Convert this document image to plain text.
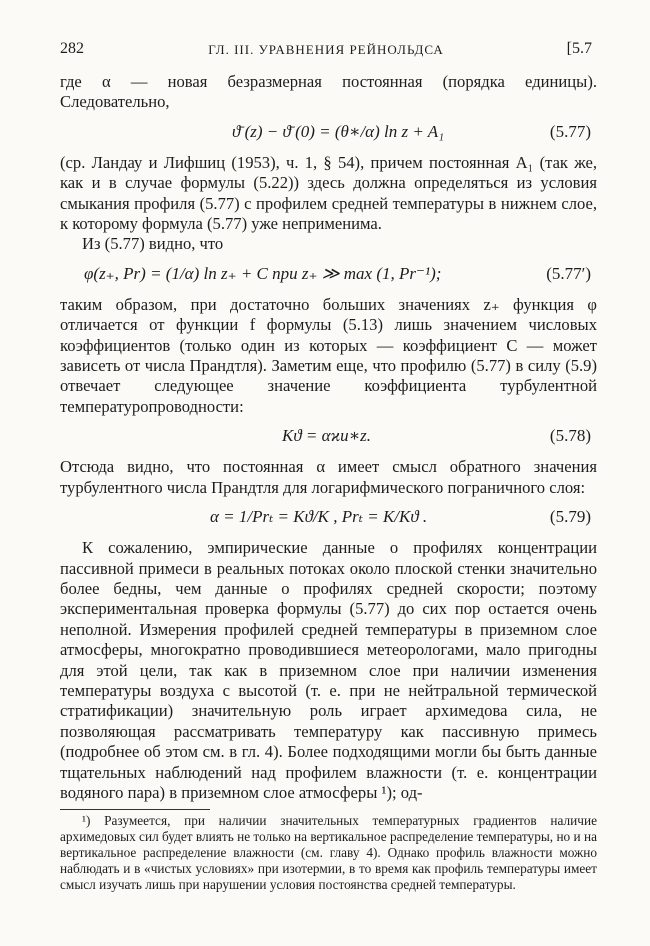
282	ГЛ. III. УРАВНЕНИЯ РЕЙНОЛЬДСА	[5.7

где α — новая безразмерная постоянная (порядка единицы). Следовательно,

ϑ̄ (z) − ϑ̄ (0) = (θ∗/α) ln z + A₁	(5.77)

(ср. Ландау и Лифшиц (1953), ч. 1, § 54), причем постоянная A₁ (так же, как и в случае формулы (5.22)) здесь должна определяться из условия смыкания профиля (5.77) с профилем средней температуры в нижнем слое, к которому формула (5.77) уже неприменима.

Из (5.77) видно, что

φ(z₊, Pr) = (1/α) ln z₊ + C при z₊ ≫ max (1, Pr⁻¹);	(5.77′)

таким образом, при достаточно больших значениях z₊ функция φ отличается от функции f формулы (5.13) лишь значением числовых коэффициентов (только один из которых — коэффициент C — может зависеть от числа Прандтля). Заметим еще, что профилю (5.77) в силу (5.9) отвечает следующее значение коэффициента турбулентной температуропроводности:

Kϑ = αϰu∗z.	(5.78)

Отсюда видно, что постоянная α имеет смысл обратного значения турбулентного числа Прандтля для логарифмического пограничного слоя:

α = 1/Prₜ = Kϑ/K , Prₜ = K/Kϑ .	(5.79)

К сожалению, эмпирические данные о профилях концентрации пассивной примеси в реальных потоках около плоской стенки значительно более бедны, чем данные о профилях средней скорости; поэтому экспериментальная проверка формулы (5.77) до сих пор остается очень неполной. Измерения профилей средней температуры в приземном слое атмосферы, многократно проводившиеся метеорологами, мало пригодны для этой цели, так как в приземном слое при наличии изменения температуры воздуха с высотой (т. е. при не нейтральной термической стратификации) значительную роль играет архимедова сила, не позволяющая рассматривать температуру как пассивную примесь (подробнее об этом см. в гл. 4). Более подходящими могли бы быть данные тщательных наблюдений над профилем влажности (т. е. концентрации водяного пара) в приземном слое атмосферы ¹); од-

¹) Разумеется, при наличии значительных температурных градиентов наличие архимедовых сил будет влиять не только на вертикальное распределение температуры, но и на вертикальное распределение влажности (см. главу 4). Однако профиль влажности можно наблюдать и в «чистых условиях» при изотермии, в то время как профиль температуры имеет смысл изучать лишь при нарушении условия постоянства средней температуры.
